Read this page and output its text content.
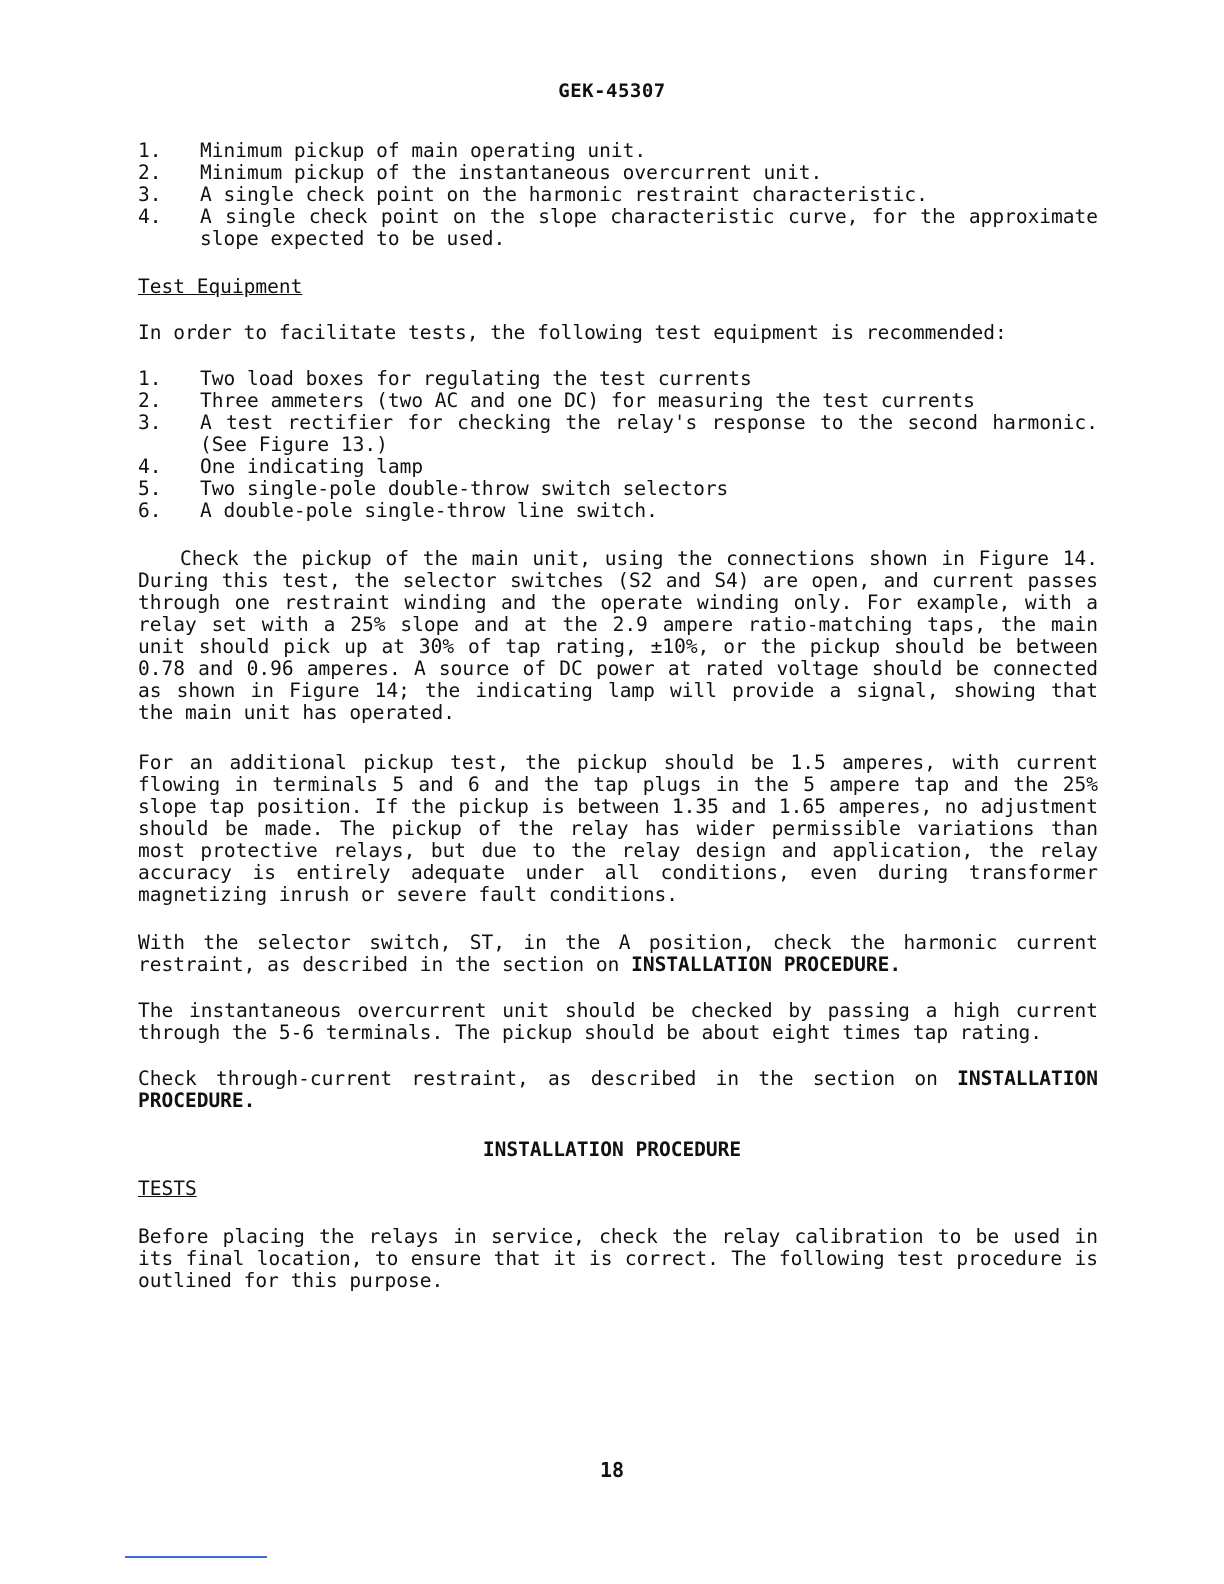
GEK-45307
1.	Minimum pickup of main operating unit.
2.	Minimum pickup of the instantaneous overcurrent unit.
3.	A single check point on the harmonic restraint characteristic.
4.	A single check point on the slope characteristic curve, for the approximate slope expected to be used.
Test Equipment

In order to facilitate tests, the following test equipment is recommended:

1.	Two load boxes for regulating the test currents
2.	Three ammeters (two AC and one DC) for measuring the test currents
3.	A test rectifier for checking the relay's response to the second harmonic. (See Figure 13.)
4.	One indicating lamp
5.	Two single-pole double-throw switch selectors
6.	A double-pole single-throw line switch.

Check the pickup of the main unit, using the connections shown in Figure 14. During this test, the selector switches (S2 and S4) are open, and current passes through one restraint winding and the operate winding only. For example, with a relay set with a 25% slope and at the 2.9 ampere ratio-matching taps, the main unit should pick up at 30% of tap rating, ±10%, or the pickup should be between 0.78 and 0.96 amperes. A source of DC power at rated voltage should be connected as shown in Figure 14; the indicating lamp will provide a signal, showing that the main unit has operated.

For an additional pickup test, the pickup should be 1.5 amperes, with current flowing in terminals 5 and 6 and the tap plugs in the 5 ampere tap and the 25% slope tap position. If the pickup is between 1.35 and 1.65 amperes, no adjustment should be made. The pickup of the relay has wider permissible variations than most protective relays, but due to the relay design and application, the relay accuracy is entirely adequate under all conditions, even during transformer magnetizing inrush or severe fault conditions.

With the selector switch, ST, in the A position, check the harmonic current restraint, as described in the section on INSTALLATION PROCEDURE.

The instantaneous overcurrent unit should be checked by passing a high current through the 5-6 terminals. The pickup should be about eight times tap rating.

Check through-current restraint, as described in the section on INSTALLATION PROCEDURE.

INSTALLATION PROCEDURE
TESTS

Before placing the relays in service, check the relay calibration to be used in its final location, to ensure that it is correct. The following test procedure is outlined for this purpose.

18
